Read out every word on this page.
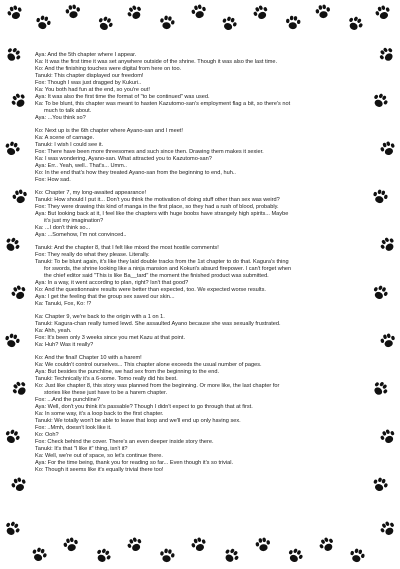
Aya: And the 5th chapter where I appear.
Ka: It was the first time it was set anywhere outside of the shrine. Though it was also the last time.
Ko: And the finishing touches were digital from here on too.
Tanuki: This chapter displayed our freedom!
Fox: Though I was just dragged by Kukuri..
Ka: You both had fun at the end, so you're out!
Aya: It was also the first time the format of "to be continued" was used.
Ka: To be blunt, this chapter was meant to hasten Kazutomo-san's employment flag a bit, so there's not
much to talk about.
Aya: ...You think so?
Ko: Next up is the 6th chapter where Ayano-san and I meet!
Ka: A scene of carnage.
Tanuki: I wish I could see it.
Fox: There have been more threesomes and such since then. Drawing them makes it sexier.
Ka: I was wondering, Ayano-san. What attracted you to Kazutomo-san?
Aya: Err.. Yeah, well.. That's... Umm..
Ko: In the end that's how they treated Ayano-san from the beginning to end, huh..
Fox: How sad.
Ko: Chapter 7, my long-awaited appearance!
Tanuki: How should I put it... Don't you think the motivation of doing stuff other than sex was weird?
Fox: They were drawing this kind of manga in the first place, so they had a rush of blood, probably.
Aya: But looking back at it, I feel like the chapters with huge boobs have strangely high spirits... Maybe
it's just my imagination?
Ka: ...I don't think so...
Aya: ...Somehow, I'm not convinced..
Tanuki: And the chapter 8, that I felt like mixed the most hostile comments!
Fox: They really do what they please. Literally.
Tanuki: To be blunt again, it's like they laid double tracks from the 1st chapter to do that. Kagura's thing
for swords, the shrine looking like a ninja mansion and Kokuri's absurd firepower. I can't forget when
the chief editor said "This is like Ba__tard" the moment the finished product was submitted.
Aya: In a way, it went according to plan, right? Isn't that good?
Ko: And the questionnaire results were better than expected, too. We expected worse results.
Aya: I get the feeling that the group sex saved our skin...
Ka: Tanuki, Fox, Ko: !?
Ka: Chapter 9, we're back to the origin with a 1 on 1.
Tanuki: Kagura-chan really turned lewd. She assaulted Ayano because she was sexually frustrated.
Ka: Ahh, yeah.
Fox: It's been only 3 weeks since you met Kazu at that point.
Ka: Huh? Was it really?
Ko: And the final! Chapter 10 with a harem!
Ka: We couldn't control ourselves... This chapter alone exceeds the usual number of pages.
Aya: But besides the punchline, we had sex from the beginning to the end.
Tanuki: Technically it's a 6-some. Tomo really did his best.
Ko: Just like chapter 8, this story was planned from the beginning. Or more like, the last chapter for
stories like these just have to be a harem chapter.
Fox: ...And the punchline?
Aya: Well, don't you think it's passable? Though I didn't expect to go through that at first.
Ka: In some way, it's a loop back to the first chapter.
Tanuki: We totally won't be able to leave that loop and we'll end up only having sex.
Fox: ..Mmh, doesn't look like it.
Ko: Ooh?
Fox: Check behind the cover. There's an even deeper inside story there.
Tanuki: It's that "I like it" thing, isn't it?
Ka: Well, we're out of space, so let's continue there.
Aya: For the time being, thank you for reading so far... Even though it's so trivial.
Ko: Though it seems like it's equally trivial there too!
